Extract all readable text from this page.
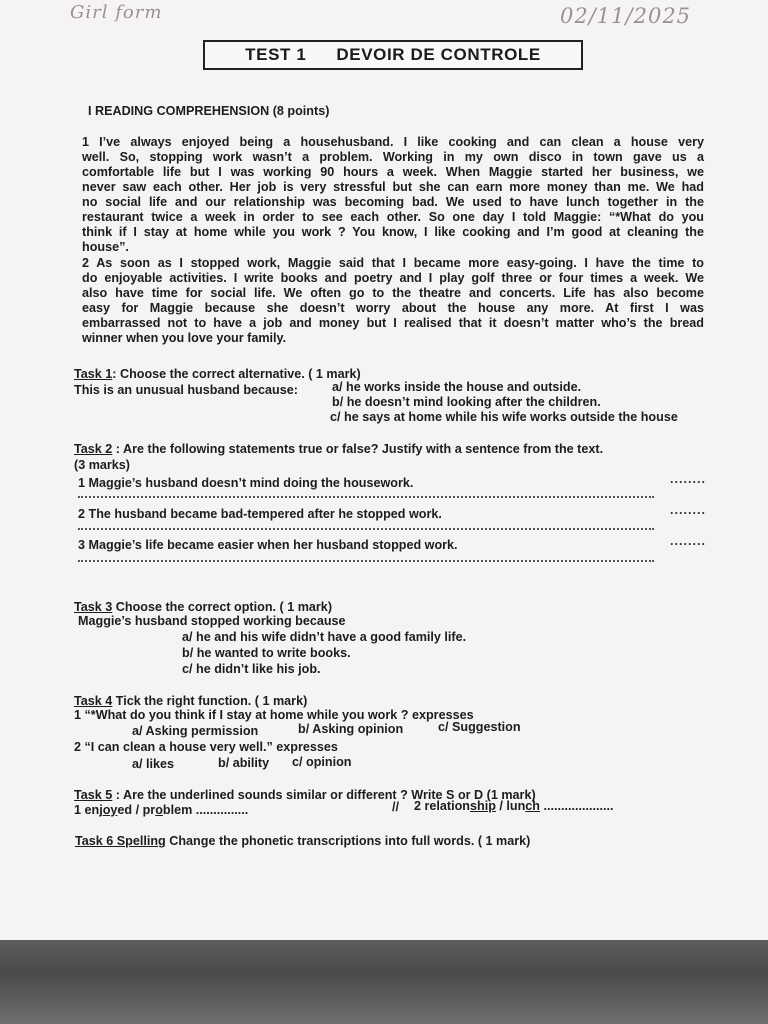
Girl form	02/11/2025
TEST 1 DEVOIR DE CONTROLE
I READING COMPREHENSION (8 points)
1 I’ve always enjoyed being a househusband. I like cooking and can clean a house very
well. So, stopping work wasn’t a problem. Working in my own disco in town gave us a
comfortable life but I was working 90 hours a week. When Maggie started her business, we
never saw each other. Her job is very stressful but she can earn more money than me. We had
no social life and our relationship was becoming bad. We used to have lunch together in the
restaurant twice a week in order to see each other. So one day I told Maggie: “*What do you
think if I stay at home while you work ? You know, I like cooking and I’m good at cleaning the
house”.
2 As soon as I stopped work, Maggie said that I became more easy-going. I have the time to
do enjoyable activities. I write books and poetry and I play golf three or four times a week. We
also have time for social life. We often go to the theatre and concerts. Life has also become
easy for Maggie because she doesn’t worry about the house any more. At first I was
embarrassed not to have a job and money but I realised that it doesn’t matter who’s the bread
winner when you love your family.
Task 1: Choose the correct alternative. ( 1 mark)
This is an unusual husband because:	a/ he works inside the house and outside.
b/ he doesn’t mind looking after the children.
c/ he says at home while his wife works outside the house
Task 2 : Are the following statements true or false? Justify with a sentence from the text.
(3 marks)
1 Maggie’s husband doesn’t mind doing the housework.	........
2 The husband became bad-tempered after he stopped work.	........
3 Maggie’s life became easier when her husband stopped work.	........
Task 3 Choose the correct option. ( 1 mark)
Maggie’s husband stopped working because
a/ he and his wife didn’t have a good family life.
b/ he wanted to write books.
c/ he didn’t like his job.
Task 4 Tick the right function. ( 1 mark)
1 “*What do you think if I stay at home while you work ? expresses
a/ Asking permission	b/ Asking opinion	c/ Suggestion
2 “I can clean a house very well.” expresses
a/ likes	b/ ability c/ opinion
Task 5 : Are the underlined sounds similar or different ? Write S or D (1 mark)
1 enjoyed / problem ...............	// 2 relationship / lunch ....................
Task 6 Spelling Change the phonetic transcriptions into full words. ( 1 mark)
